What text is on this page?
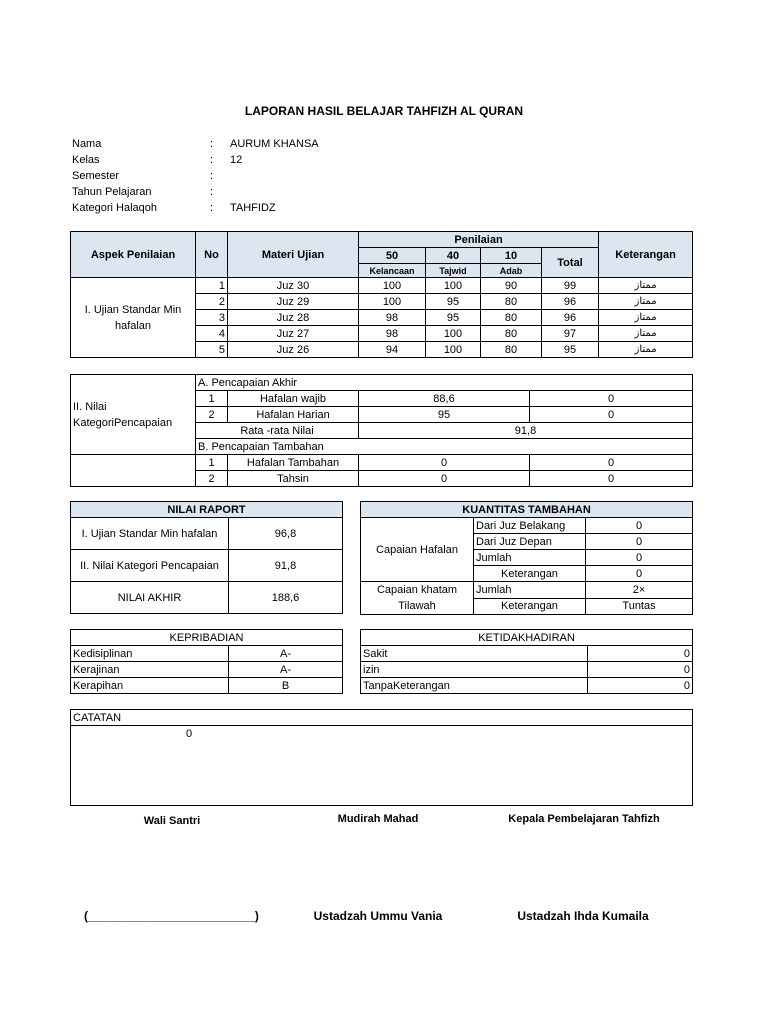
LAPORAN HASIL BELAJAR TAHFIZH AL QURAN
Nama	:	AURUM KHANSA
Kelas	:	12
Semester	:
Tahun Pelajaran	:
Kategori Halaqoh	:	TAHFIDZ
Aspek Penilaian	No	Materi Ujian	Penilaian				Keterangan
			50	40	10	Total	
			Kelancaan	Tajwid	Adab		
I. Ujian Standar Min hafalan	1	Juz 30	100	100	90	99	ممتاز
	2	Juz 29	100	95	80	96	ممتاز
	3	Juz 28	98	95	80	96	ممتاز
	4	Juz 27	98	100	80	97	ممتاز
	5	Juz 26	94	100	80	95	ممتاز
II. Nilai KategoriPencapaian	A. Pencapaian Akhir			
	1	Hafalan wajib	88,6	0
	2	Hafalan Harian	95	0
	Rata -rata Nilai		91,8	
	B. Pencapaian Tambahan			
	1	Hafalan Tambahan	0	0
	2	Tahsin	0	0
NILAI RAPORT	
I. Ujian Standar Min hafalan	96,8
II. Nilai Kategori Pencapaian	91,8
NILAI AKHIR	188,6
KUANTITAS TAMBAHAN		
Capaian Hafalan	Dari Juz Belakang	0
	Dari Juz Depan	0
	Jumlah	0
	Keterangan	0
Capaian khatam Tilawah	Jumlah	2×
	Keterangan	Tuntas
KEPRIBADIAN	
Kedisiplinan	A-
Kerajinan	A-
Kerapihan	B
KETIDAKHADIRAN	
Sakit	0
izin	0
TanpaKeterangan	0
CATATAN
0
Wali Santri	Mudirah Mahad	Kepala Pembelajaran Tahfizh
(_________________________)	Ustadzah Ummu Vania	Ustadzah Ihda Kumaila
